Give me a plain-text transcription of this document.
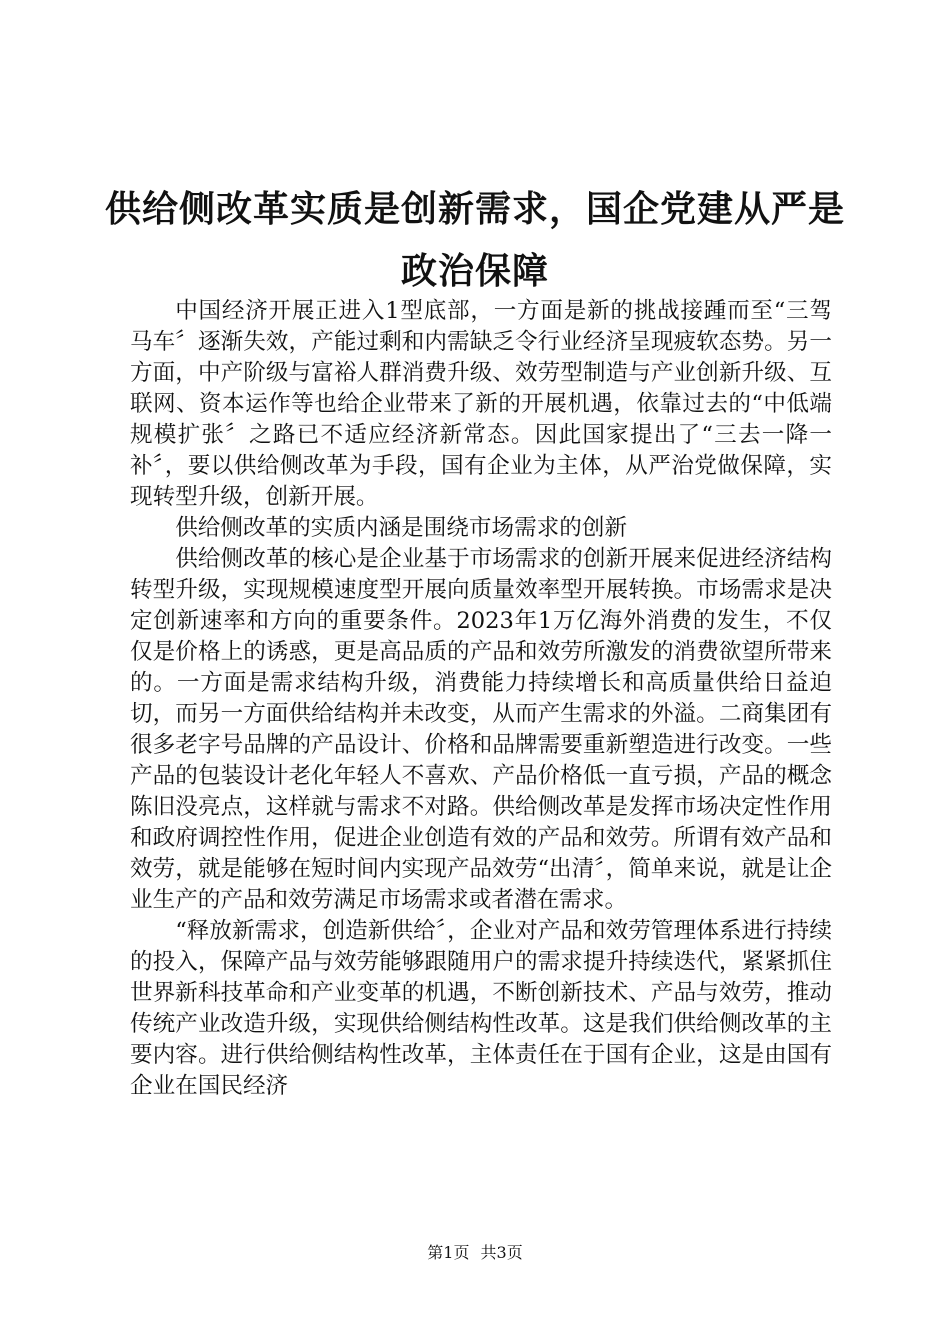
供给侧改革实质是创新需求，国企党建从严是政治保障

中国经济开展正进入1型底部，一方面是新的挑战接踵而至“三驾马车〞逐渐失效，产能过剩和内需缺乏令行业经济呈现疲软态势。另一方面，中产阶级与富裕人群消费升级、效劳型制造与产业创新升级、互联网、资本运作等也给企业带来了新的开展机遇，依靠过去的“中低端规模扩张〞之路已不适应经济新常态。因此国家提出了“三去一降一补〞，要以供给侧改革为手段，国有企业为主体，从严治党做保障，实现转型升级，创新开展。

供给侧改革的实质内涵是围绕市场需求的创新

供给侧改革的核心是企业基于市场需求的创新开展来促进经济结构转型升级，实现规模速度型开展向质量效率型开展转换。市场需求是决定创新速率和方向的重要条件。2023年1万亿海外消费的发生，不仅仅是价格上的诱惑，更是高品质的产品和效劳所激发的消费欲望所带来的。一方面是需求结构升级，消费能力持续增长和高质量供给日益迫切，而另一方面供给结构并未改变，从而产生需求的外溢。二商集团有很多老字号品牌的产品设计、价格和品牌需要重新塑造进行改变。一些产品的包装设计老化年轻人不喜欢、产品价格低一直亏损，产品的概念陈旧没亮点，这样就与需求不对路。供给侧改革是发挥市场决定性作用和政府调控性作用，促进企业创造有效的产品和效劳。所谓有效产品和效劳，就是能够在短时间内实现产品效劳“出清〞，简单来说，就是让企业生产的产品和效劳满足市场需求或者潜在需求。

“释放新需求，创造新供给〞，企业对产品和效劳管理体系进行持续的投入，保障产品与效劳能够跟随用户的需求提升持续迭代，紧紧抓住世界新科技革命和产业变革的机遇，不断创新技术、产品与效劳，推动传统产业改造升级，实现供给侧结构性改革。这是我们供给侧改革的主要内容。进行供给侧结构性改革，主体责任在于国有企业，这是由国有企业在国民经济

第1页 共3页
